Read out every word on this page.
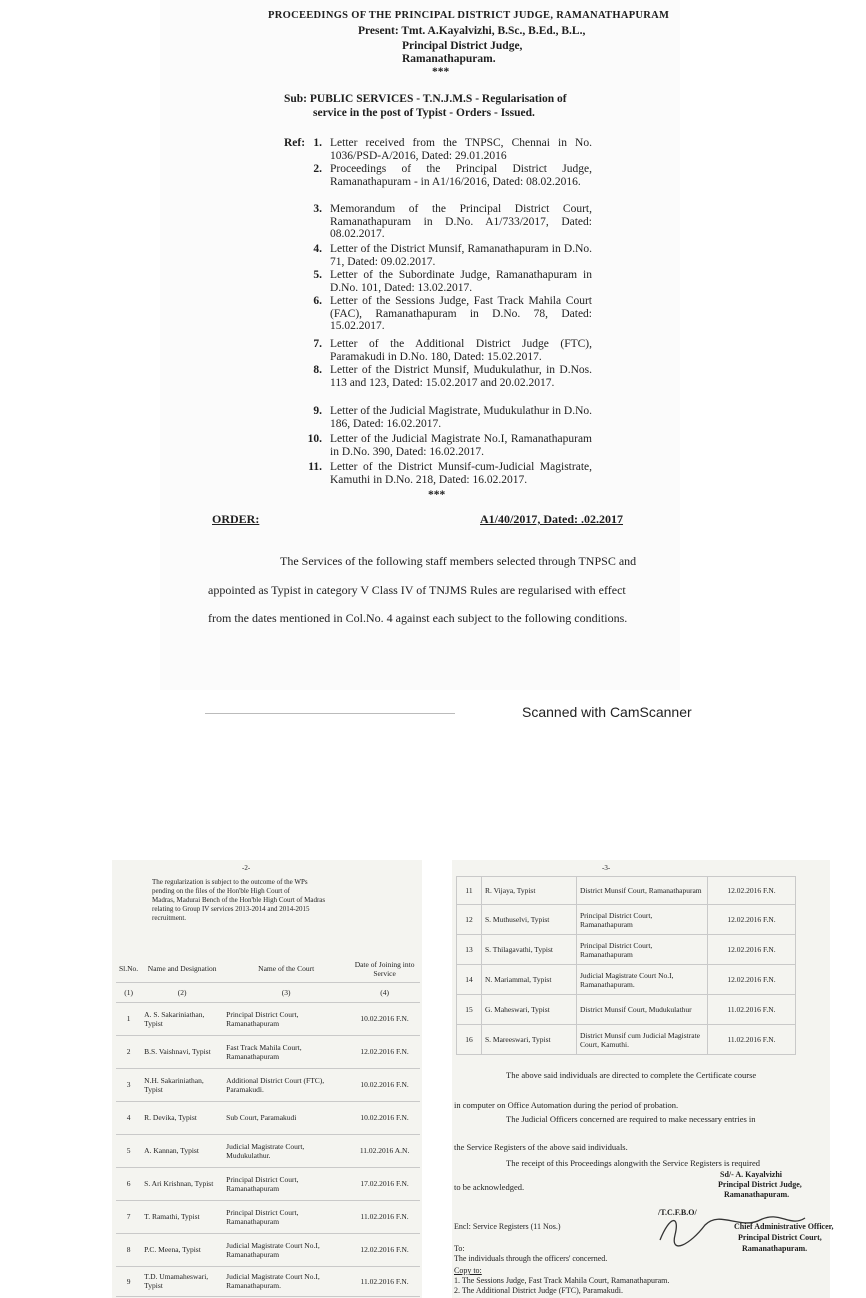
PROCEEDINGS OF THE PRINCIPAL DISTRICT JUDGE, RAMANATHAPURAM
Present: Tmt. A.Kayalvizhi, B.Sc., B.Ed., B.L.,
Principal District Judge,
Ramanathapuram.
***
Sub: PUBLIC SERVICES - T.N.J.M.S - Regularisation of
service in the post of Typist - Orders - Issued.
Ref: 1. Letter received from the TNPSC, Chennai in No. 1036/PSD-A/2016, Dated: 29.01.2016
2. Proceedings of the Principal District Judge, Ramanathapuram - in A1/16/2016, Dated: 08.02.2016.
3. Memorandum of the Principal District Court, Ramanathapuram in D.No. A1/733/2017, Dated: 08.02.2017.
4. Letter of the District Munsif, Ramanathapuram in D.No. 71, Dated: 09.02.2017.
5. Letter of the Subordinate Judge, Ramanathapuram in D.No. 101, Dated: 13.02.2017.
6. Letter of the Sessions Judge, Fast Track Mahila Court (FAC), Ramanathapuram in D.No. 78, Dated: 15.02.2017.
7. Letter of the Additional District Judge (FTC), Paramakudi in D.No. 180, Dated: 15.02.2017.
8. Letter of the District Munsif, Mudukulathur, in D.Nos. 113 and 123, Dated: 15.02.2017 and 20.02.2017.
9. Letter of the Judicial Magistrate, Mudukulathur in D.No. 186, Dated: 16.02.2017.
10. Letter of the Judicial Magistrate No.I, Ramanathapuram in D.No. 390, Dated: 16.02.2017.
11. Letter of the District Munsif-cum-Judicial Magistrate, Kamuthi in D.No. 218, Dated: 16.02.2017.
***
ORDER:	A1/40/2017, Dated: .02.2017
The Services of the following staff members selected through TNPSC and
appointed as Typist in category V Class IV of TNJMS Rules are regularised with effect
from the dates mentioned in Col.No. 4 against each subject to the following conditions.
Scanned with CamScanner
-2-
The regularization is subject to the outcome of the WPs
pending on the files of the Hon'ble High Court of
Madras, Madurai Bench of the Hon'ble High Court of Madras
relating to Group IV services 2013-2014 and 2014-2015
recruitment.
Sl.No.	Name and Designation	Name of the Court	Date of Joining into Service
(1)	(2)	(3)	(4)
1	A. S. Sakariniathan, Typist	Principal District Court, Ramanathapuram	10.02.2016 F.N.
2	B.S. Vaishnavi, Typist	Fast Track Mahila Court, Ramanathapuram	12.02.2016 F.N.
3	N.H. Sakariniathan, Typist	Additional District Court (FTC), Paramakudi.	10.02.2016 F.N.
4	R. Devika, Typist	Sub Court, Paramakudi	10.02.2016 F.N.
5	A. Kannan, Typist	Judicial Magistrate Court, Mudukulathur.	11.02.2016 A.N.
6	S. Ari Krishnan, Typist	Principal District Court, Ramanathapuram	17.02.2016 F.N.
7	T. Ramathi, Typist	Principal District Court, Ramanathapuram	11.02.2016 F.N.
8	P.C. Meena, Typist	Judicial Magistrate Court No.I, Ramanathapuram	12.02.2016 F.N.
9	T.D. Umamaheswari, Typist	Judicial Magistrate Court No.I, Ramanathapuram.	11.02.2016 F.N.
-3-
11	R. Vijaya, Typist	District Munsif Court, Ramanathapuram	12.02.2016 F.N.
12	S. Muthuselvi, Typist	Principal District Court, Ramanathapuram	12.02.2016 F.N.
13	S. Thilagavathi, Typist	Principal District Court, Ramanathapuram	12.02.2016 F.N.
14	N. Mariammal, Typist	Judicial Magistrate Court No.I, Ramanathapuram.	12.02.2016 F.N.
15	G. Maheswari, Typist	District Munsif Court, Mudukulathur	11.02.2016 F.N.
16	S. Mareeswari, Typist	District Munsif cum Judicial Magistrate Court, Kamuthi.	11.02.2016 F.N.
The above said individuals are directed to complete the Certificate course
in computer on Office Automation during the period of probation.
The Judicial Officers concerned are required to make necessary entries in
the Service Registers of the above said individuals.
The receipt of this Proceedings alongwith the Service Registers is required
to be acknowledged.
Sd/- A. Kayalvizhi
Principal District Judge,
Ramanathapuram.
/T.C.F.B.O/
Chief Administrative Officer,
Principal District Court,
Ramanathapuram.
Encl: Service Registers (11 Nos.)
To:
The individuals through the officers' concerned.
Copy to:
1. The Sessions Judge, Fast Track Mahila Court, Ramanathapuram.
2. The Additional District Judge (FTC), Paramakudi.
